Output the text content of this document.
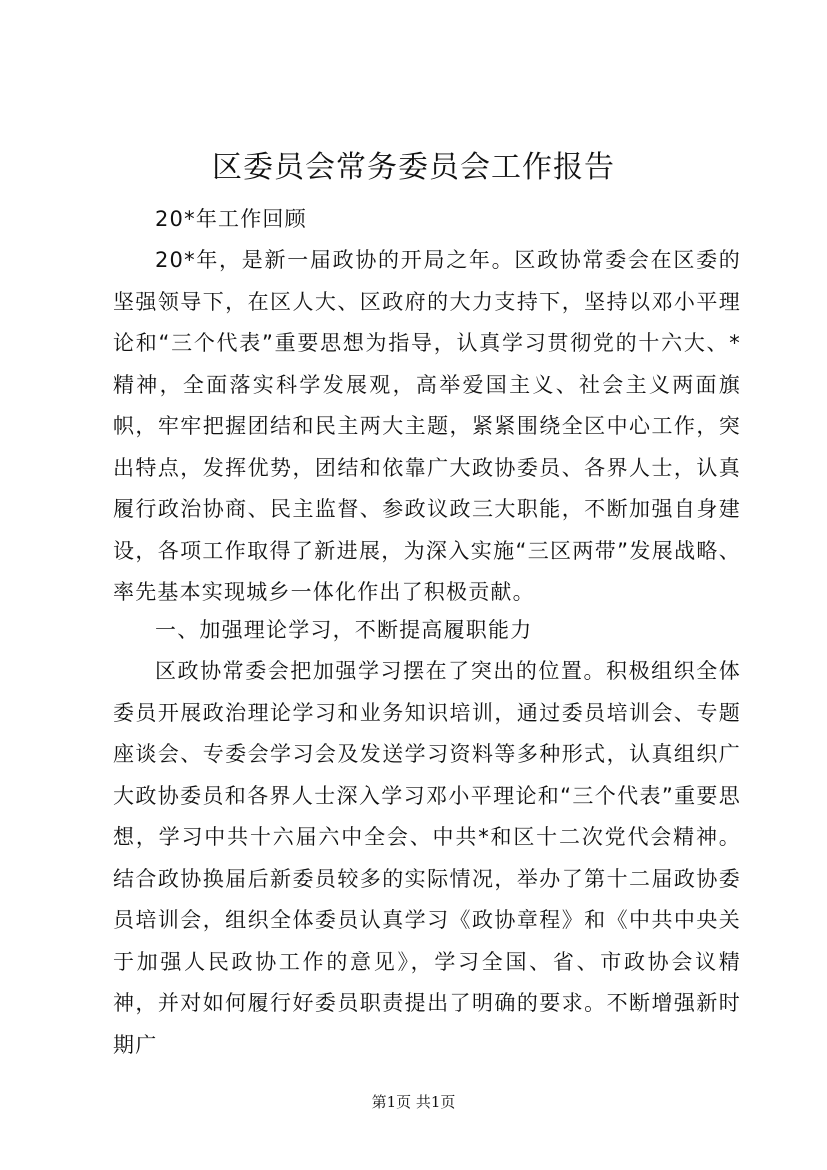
区委员会常务委员会工作报告

20*年工作回顾

20*年，是新一届政协的开局之年。区政协常委会在区委的坚强领导下，在区人大、区政府的大力支持下，坚持以邓小平理论和“三个代表”重要思想为指导，认真学习贯彻党的十六大、*精神，全面落实科学发展观，高举爱国主义、社会主义两面旗帜，牢牢把握团结和民主两大主题，紧紧围绕全区中心工作，突出特点，发挥优势，团结和依靠广大政协委员、各界人士，认真履行政治协商、民主监督、参政议政三大职能，不断加强自身建设，各项工作取得了新进展，为深入实施“三区两带”发展战略、率先基本实现城乡一体化作出了积极贡献。

一、加强理论学习，不断提高履职能力

区政协常委会把加强学习摆在了突出的位置。积极组织全体委员开展政治理论学习和业务知识培训，通过委员培训会、专题座谈会、专委会学习会及发送学习资料等多种形式，认真组织广大政协委员和各界人士深入学习邓小平理论和“三个代表”重要思想，学习中共十六届六中全会、中共*和区十二次党代会精神。结合政协换届后新委员较多的实际情况，举办了第十二届政协委员培训会，组织全体委员认真学习《政协章程》和《中共中央关于加强人民政协工作的意见》，学习全国、省、市政协会议精神，并对如何履行好委员职责提出了明确的要求。不断增强新时期广

第1页 共1页
